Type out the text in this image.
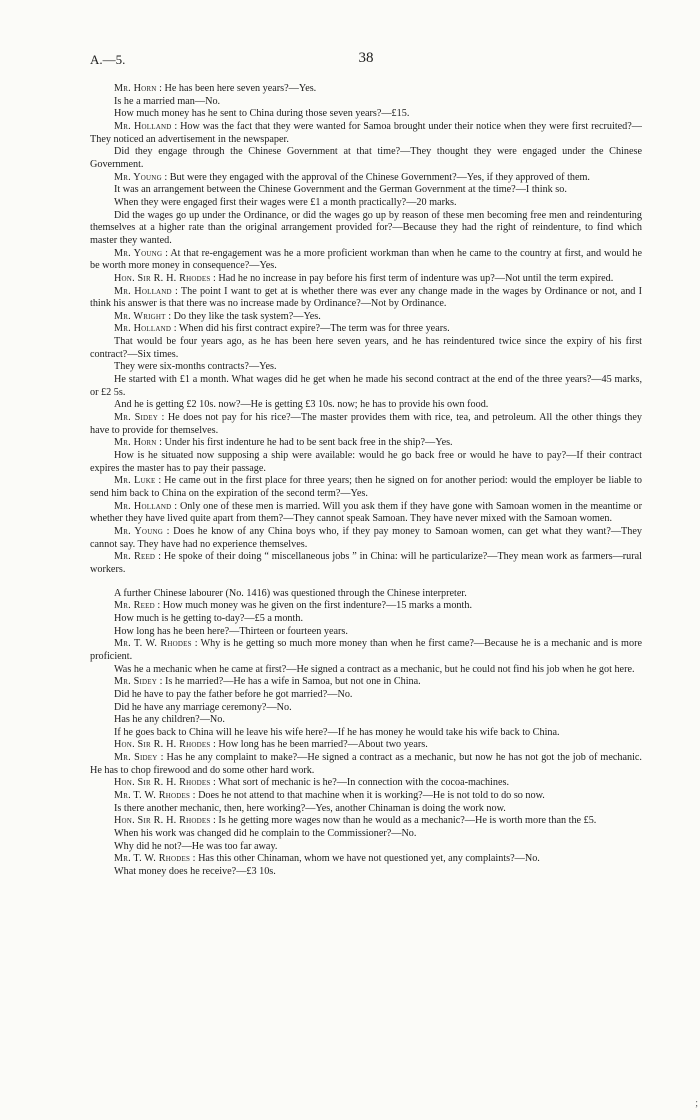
A.—5.	38

Mr. Horn : He has been here seven years?—Yes.

Is he a married man—No.

How much money has he sent to China during those seven years?—£15.

Mr. Holland : How was the fact that they were wanted for Samoa brought under their notice when they were first recruited?—They noticed an advertisement in the newspaper.

Did they engage through the Chinese Government at that time?—They thought they were engaged under the Chinese Government.

Mr. Young : But were they engaged with the approval of the Chinese Government?—Yes, if they approved of them.

It was an arrangement between the Chinese Government and the German Government at the time?—I think so.

When they were engaged first their wages were £1 a month practically?—20 marks.

Did the wages go up under the Ordinance, or did the wages go up by reason of these men becoming free men and reindenturing themselves at a higher rate than the original arrangement provided for?—Because they had the right of reindenture, to find which master they wanted.

Mr. Young : At that re-engagement was he a more proficient workman than when he came to the country at first, and would he be worth more money in consequence?—Yes.

Hon. Sir R. H. Rhodes : Had he no increase in pay before his first term of indenture was up?—Not until the term expired.

Mr. Holland : The point I want to get at is whether there was ever any change made in the wages by Ordinance or not, and I think his answer is that there was no increase made by Ordinance?—Not by Ordinance.

Mr. Wright : Do they like the task system?—Yes.

Mr. Holland : When did his first contract expire?—The term was for three years.

That would be four years ago, as he has been here seven years, and he has reindentured twice since the expiry of his first contract?—Six times.

They were six-months contracts?—Yes.

He started with £1 a month. What wages did he get when he made his second contract at the end of the three years?—45 marks, or £2 5s.

And he is getting £2 10s. now?—He is getting £3 10s. now; he has to provide his own food.

Mr. Sidey : He does not pay for his rice?—The master provides them with rice, tea, and petroleum. All the other things they have to provide for themselves.

Mr. Horn : Under his first indenture he had to be sent back free in the ship?—Yes.

How is he situated now supposing a ship were available: would he go back free or would he have to pay?—If their contract expires the master has to pay their passage.

Mr. Luke : He came out in the first place for three years; then he signed on for another period: would the employer be liable to send him back to China on the expiration of the second term?—Yes.

Mr. Holland : Only one of these men is married. Will you ask them if they have gone with Samoan women in the meantime or whether they have lived quite apart from them?—They cannot speak Samoan. They have never mixed with the Samoan women.

Mr. Young : Does he know of any China boys who, if they pay money to Samoan women, can get what they want?—They cannot say. They have had no experience themselves.

Mr. Reed : He spoke of their doing “ miscellaneous jobs ” in China: will he particularize?—They mean work as farmers—rural workers.

A further Chinese labourer (No. 1416) was questioned through the Chinese interpreter.

Mr. Reed : How much money was he given on the first indenture?—15 marks a month.

How much is he getting to-day?—£5 a month.

How long has he been here?—Thirteen or fourteen years.

Mr. T. W. Rhodes : Why is he getting so much more money than when he first came?—Because he is a mechanic and is more proficient.

Was he a mechanic when he came at first?—He signed a contract as a mechanic, but he could not find his job when he got here.

Mr. Sidey : Is he married?—He has a wife in Samoa, but not one in China.

Did he have to pay the father before he got married?—No.

Did he have any marriage ceremony?—No.

Has he any children?—No.

If he goes back to China will he leave his wife here?—If he has money he would take his wife back to China.

Hon. Sir R. H. Rhodes : How long has he been married?—About two years.

Mr. Sidey : Has he any complaint to make?—He signed a contract as a mechanic, but now he has not got the job of mechanic. He has to chop firewood and do some other hard work.

Hon. Sir R. H. Rhodes : What sort of mechanic is he?—In connection with the cocoa-machines.

Mr. T. W. Rhodes : Does he not attend to that machine when it is working?—He is not told to do so now.

Is there another mechanic, then, here working?—Yes, another Chinaman is doing the work now.

Hon. Sir R. H. Rhodes : Is he getting more wages now than he would as a mechanic?—He is worth more than the £5.

When his work was changed did he complain to the Commissioner?—No.

Why did he not?—He was too far away.

Mr. T. W. Rhodes : Has this other Chinaman, whom we have not questioned yet, any complaints?—No.

What money does he receive?—£3 10s.

;
